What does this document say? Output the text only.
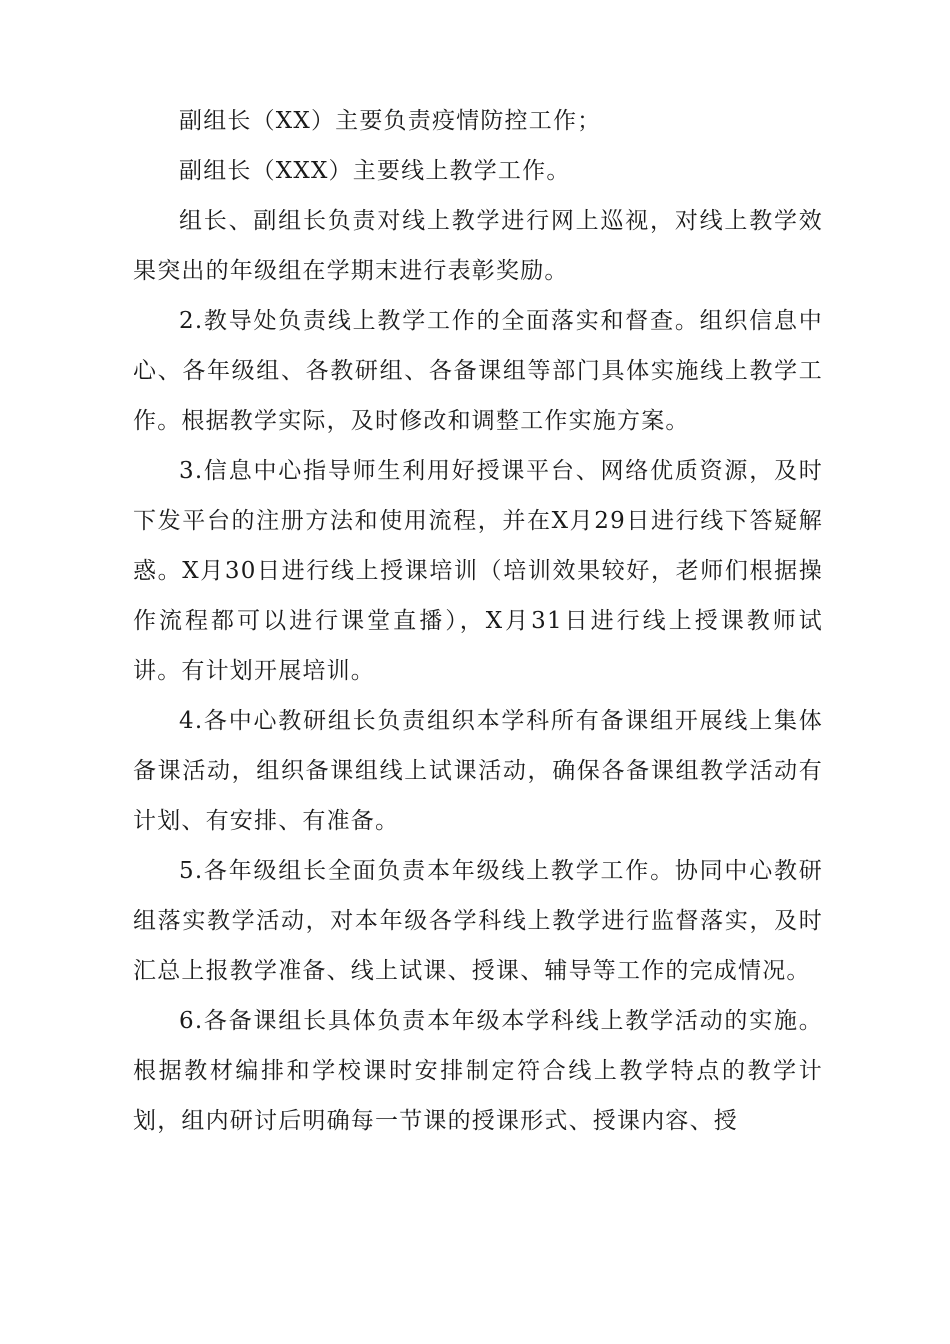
副组长（XX）主要负责疫情防控工作；

副组长（XXX）主要线上教学工作。

组长、副组长负责对线上教学进行网上巡视，对线上教学效果突出的年级组在学期末进行表彰奖励。

2.教导处负责线上教学工作的全面落实和督查。组织信息中心、各年级组、各教研组、各备课组等部门具体实施线上教学工作。根据教学实际，及时修改和调整工作实施方案。

3.信息中心指导师生利用好授课平台、网络优质资源，及时下发平台的注册方法和使用流程，并在X月29日进行线下答疑解惑。X月30日进行线上授课培训（培训效果较好，老师们根据操作流程都可以进行课堂直播），X月31日进行线上授课教师试讲。有计划开展培训。

4.各中心教研组长负责组织本学科所有备课组开展线上集体备课活动，组织备课组线上试课活动，确保各备课组教学活动有计划、有安排、有准备。

5.各年级组长全面负责本年级线上教学工作。协同中心教研组落实教学活动，对本年级各学科线上教学进行监督落实，及时汇总上报教学准备、线上试课、授课、辅导等工作的完成情况。

6.各备课组长具体负责本年级本学科线上教学活动的实施。根据教材编排和学校课时安排制定符合线上教学特点的教学计划，组内研讨后明确每一节课的授课形式、授课内容、授
